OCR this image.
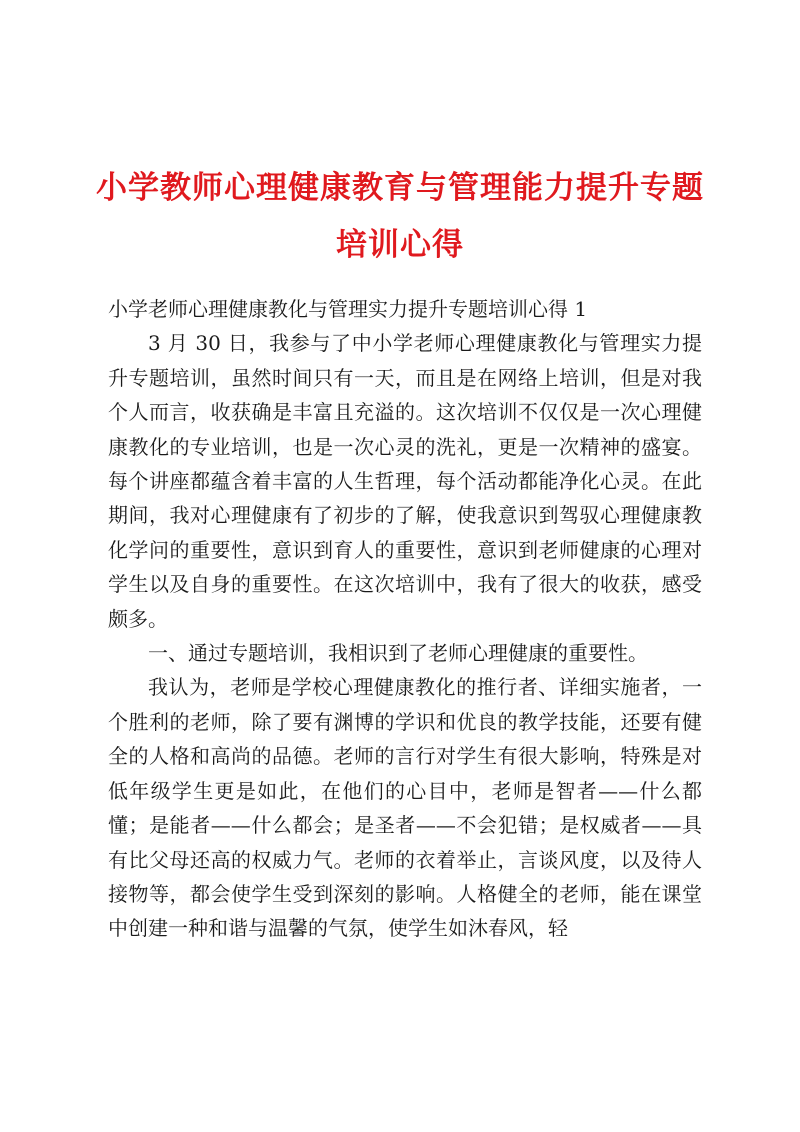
小学教师心理健康教育与管理能力提升专题培训心得

小学老师心理健康教化与管理实力提升专题培训心得 1

3 月 30 日，我参与了中小学老师心理健康教化与管理实力提升专题培训，虽然时间只有一天，而且是在网络上培训，但是对我个人而言，收获确是丰富且充溢的。这次培训不仅仅是一次心理健康教化的专业培训，也是一次心灵的洗礼，更是一次精神的盛宴。每个讲座都蕴含着丰富的人生哲理，每个活动都能净化心灵。在此期间，我对心理健康有了初步的了解，使我意识到驾驭心理健康教化学问的重要性，意识到育人的重要性，意识到老师健康的心理对学生以及自身的重要性。在这次培训中，我有了很大的收获，感受颇多。

一、通过专题培训，我相识到了老师心理健康的重要性。

我认为，老师是学校心理健康教化的推行者、详细实施者，一个胜利的老师，除了要有渊博的学识和优良的教学技能，还要有健全的人格和高尚的品德。老师的言行对学生有很大影响，特殊是对低年级学生更是如此，在他们的心目中，老师是智者——什么都懂；是能者——什么都会；是圣者——不会犯错；是权威者——具有比父母还高的权威力气。老师的衣着举止，言谈风度，以及待人接物等，都会使学生受到深刻的影响。人格健全的老师，能在课堂中创建一种和谐与温馨的气氛，使学生如沐春风，轻
